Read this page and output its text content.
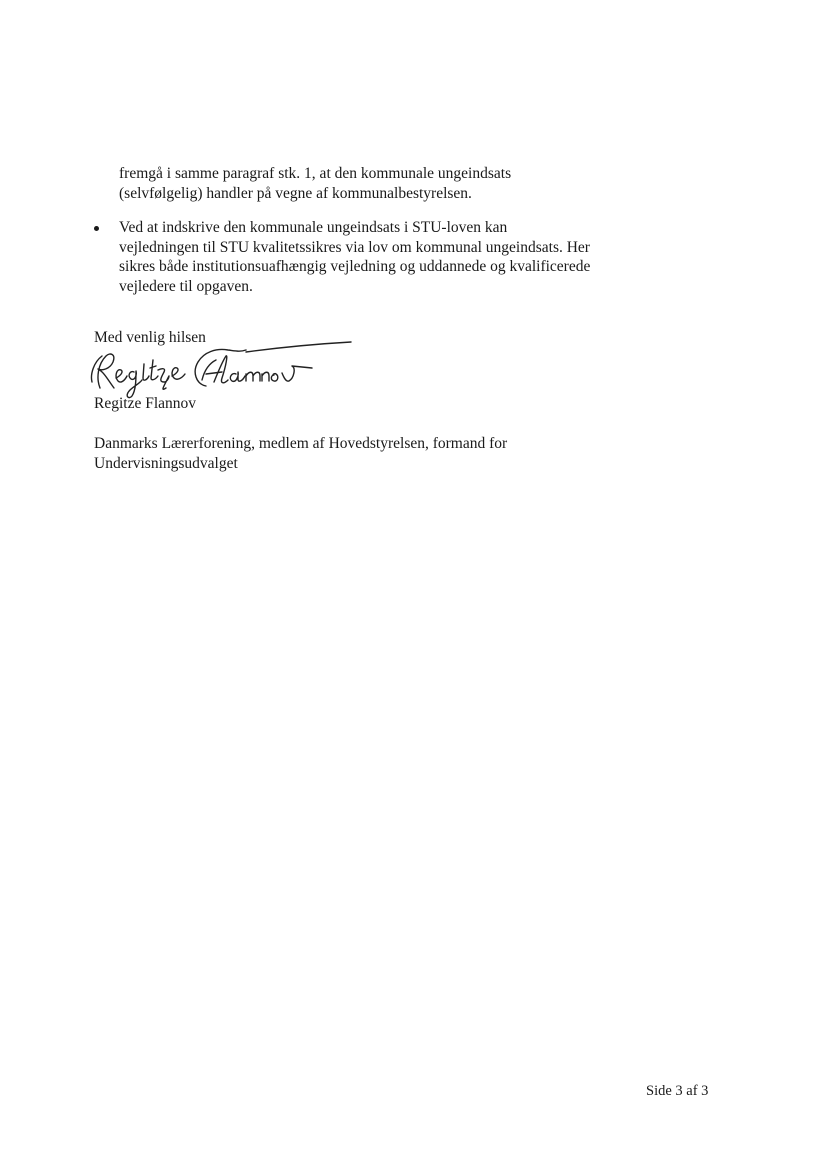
fremgå i samme paragraf stk. 1, at den kommunale ungeindsats
(selvfølgelig) handler på vegne af kommunalbestyrelsen.
Ved at indskrive den kommunale ungeindsats i STU-loven kan
vejledningen til STU kvalitetssikres via lov om kommunal ungeindsats. Her
sikres både institutionsuafhængig vejledning og uddannede og kvalificerede
vejledere til opgaven.
Med venlig hilsen
Regitze Flannov
Danmarks Lærerforening, medlem af Hovedstyrelsen, formand for
Undervisningsudvalget
Side 3 af 3
